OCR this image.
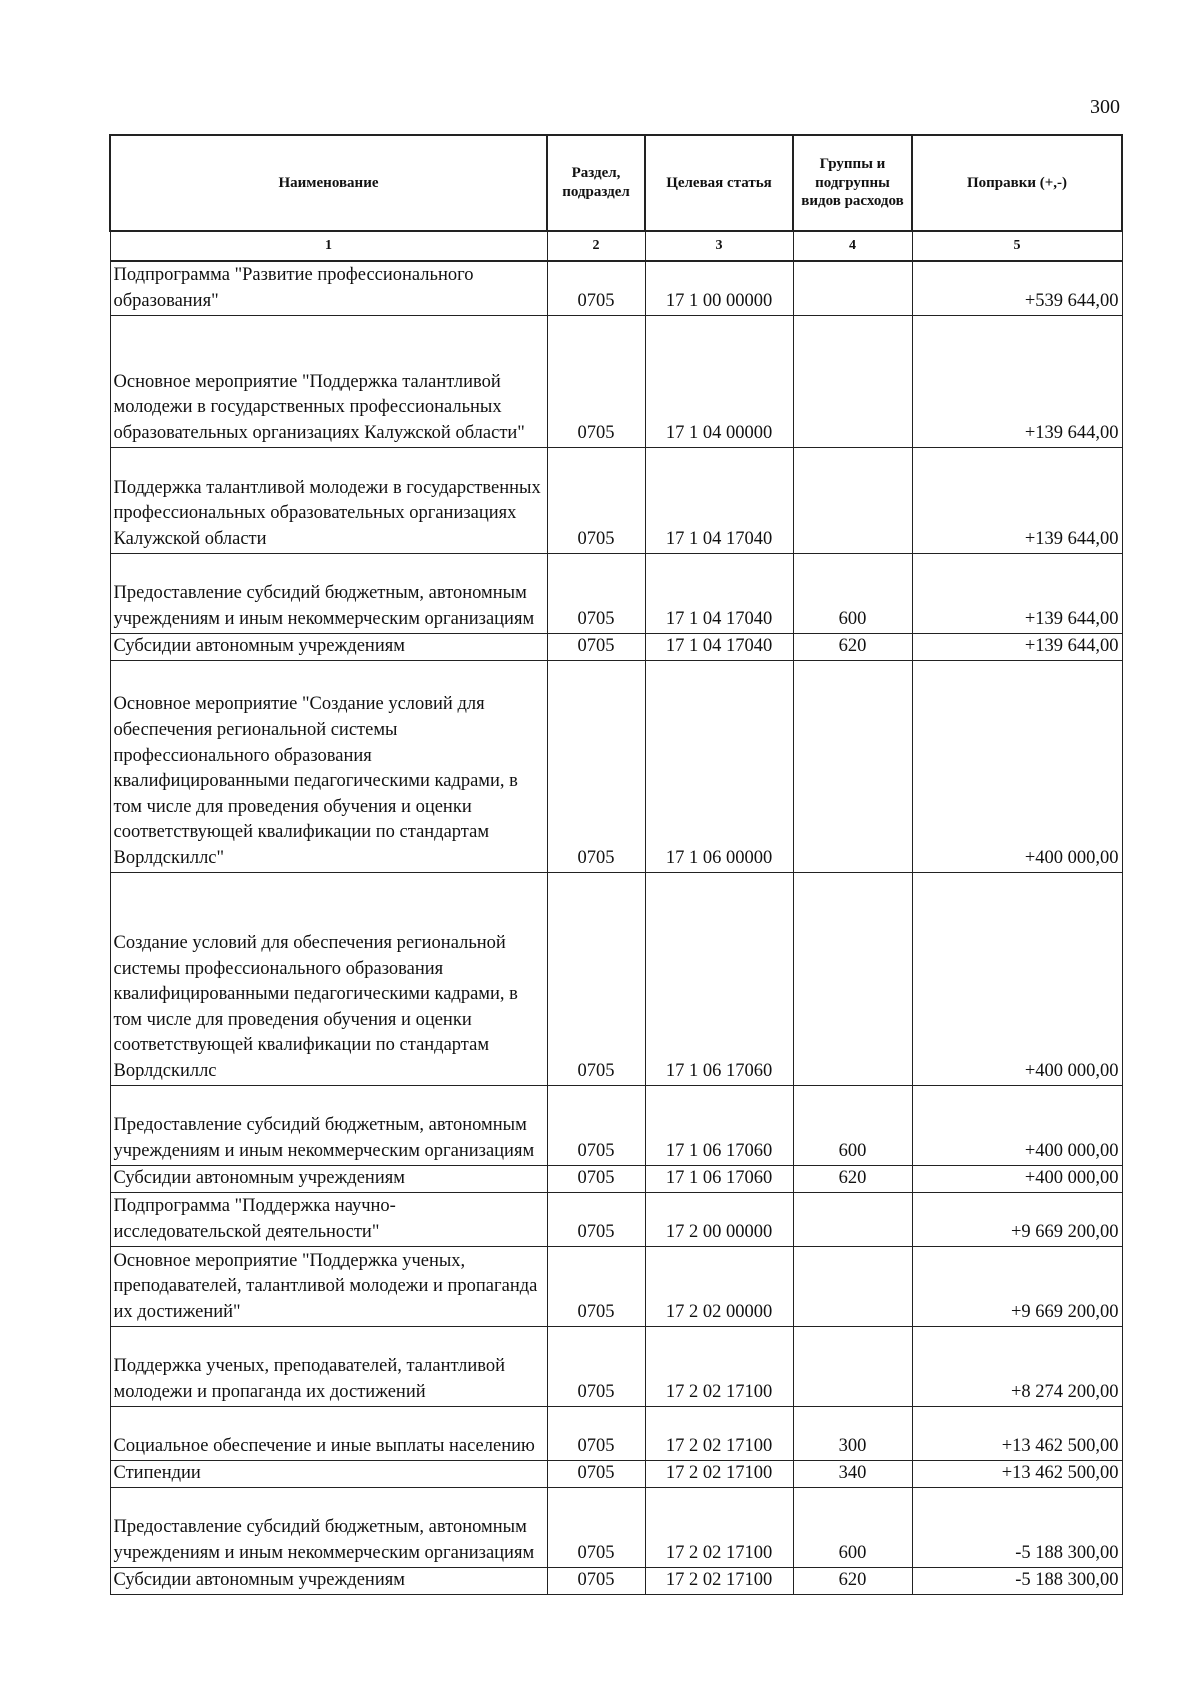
300
Наименование	Раздел, подраздел	Целевая статья	Группы и подгрупны видов расходов	Поправки (+,-)
1	2	3	4	5
Подпрограмма "Развитие профессионального образования"	0705	17 1 00 00000		+539 644,00
Основное мероприятие "Поддержка талантливой молодежи в государственных профессиональных образовательных организациях Калужской области"	0705	17 1 04 00000		+139 644,00
Поддержка талантливой молодежи в государственных профессиональных образовательных организациях Калужской области	0705	17 1 04 17040		+139 644,00
Предоставление субсидий бюджетным, автономным учреждениям и иным некоммерческим организациям	0705	17 1 04 17040	600	+139 644,00
Субсидии автономным учреждениям	0705	17 1 04 17040	620	+139 644,00
Основное мероприятие "Создание условий для обеспечения региональной системы профессионального образования квалифицированными педагогическими кадрами, в том числе для проведения обучения и оценки соответствующей квалификации по стандартам Ворлдскиллс"	0705	17 1 06 00000		+400 000,00
Создание условий для обеспечения региональной системы профессионального образования квалифицированными педагогическими кадрами, в том числе для проведения обучения и оценки соответствующей квалификации по стандартам Ворлдскиллс	0705	17 1 06 17060		+400 000,00
Предоставление субсидий бюджетным, автономным учреждениям и иным некоммерческим организациям	0705	17 1 06 17060	600	+400 000,00
Субсидии автономным учреждениям	0705	17 1 06 17060	620	+400 000,00
Подпрограмма "Поддержка научно-исследовательской деятельности"	0705	17 2 00 00000		+9 669 200,00
Основное мероприятие "Поддержка ученых, преподавателей, талантливой молодежи и пропаганда их достижений"	0705	17 2 02 00000		+9 669 200,00
Поддержка ученых, преподавателей, талантливой молодежи и пропаганда их достижений	0705	17 2 02 17100		+8 274 200,00
Социальное обеспечение и иные выплаты населению	0705	17 2 02 17100	300	+13 462 500,00
Стипендии	0705	17 2 02 17100	340	+13 462 500,00
Предоставление субсидий бюджетным, автономным учреждениям и иным некоммерческим организациям	0705	17 2 02 17100	600	-5 188 300,00
Субсидии автономным учреждениям	0705	17 2 02 17100	620	-5 188 300,00
